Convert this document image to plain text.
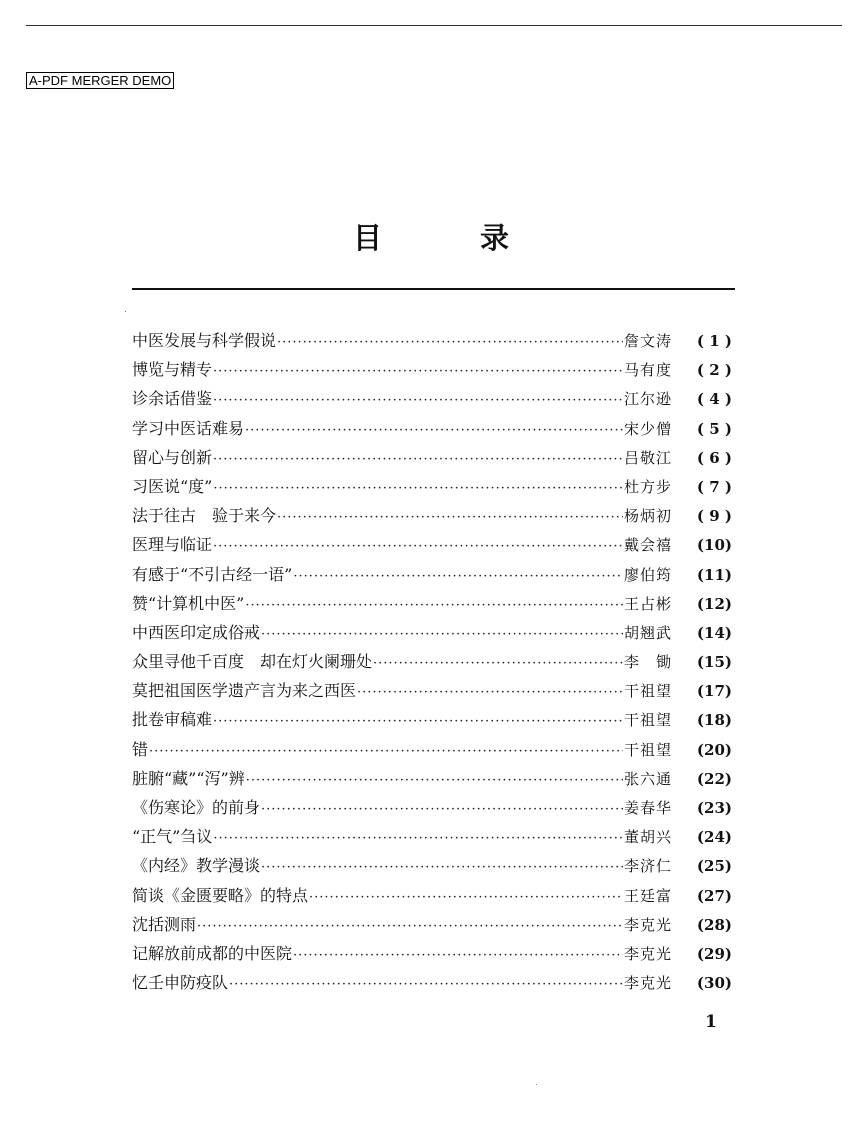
A-PDF MERGER DEMO
目	录
中医发展与科学假说 ·····	詹文涛	( 1 )
博览与精专 ·····	马有度	( 2 )
诊余话借鉴 ·····	江尔逊	( 4 )
学习中医话难易 ·····	宋少僧	( 5 )
留心与创新 ·····	吕敬江	( 6 )
习医说“度” ·····	杜方步	( 7 )
法于往古　验于来今 ·····	杨炳初	( 9 )
医理与临证 ·····	戴会禧	(10)
有感于“不引古经一语” ·····	廖伯筠	(11)
赞“计算机中医” ·····	王占彬	(12)
中西医印定成俗戒 ·····	胡翘武	(14)
众里寻他千百度　却在灯火阑珊处 ·····	李　锄	(15)
莫把祖国医学遗产言为来之西医 ·····	干祖望	(17)
批卷审稿难 ·····	干祖望	(18)
错 ·····	干祖望	(20)
脏腑“藏”“泻”辨 ·····	张六通	(22)
《伤寒论》的前身 ·····	姜春华	(23)
“正气”刍议 ·····	董胡兴	(24)
《内经》教学漫谈 ·····	李济仁	(25)
简谈《金匮要略》的特点 ·····	王廷富	(27)
沈括测雨 ·····	李克光	(28)
记解放前成都的中医院 ·····	李克光	(29)
忆壬申防疫队 ·····	李克光	(30)
1
